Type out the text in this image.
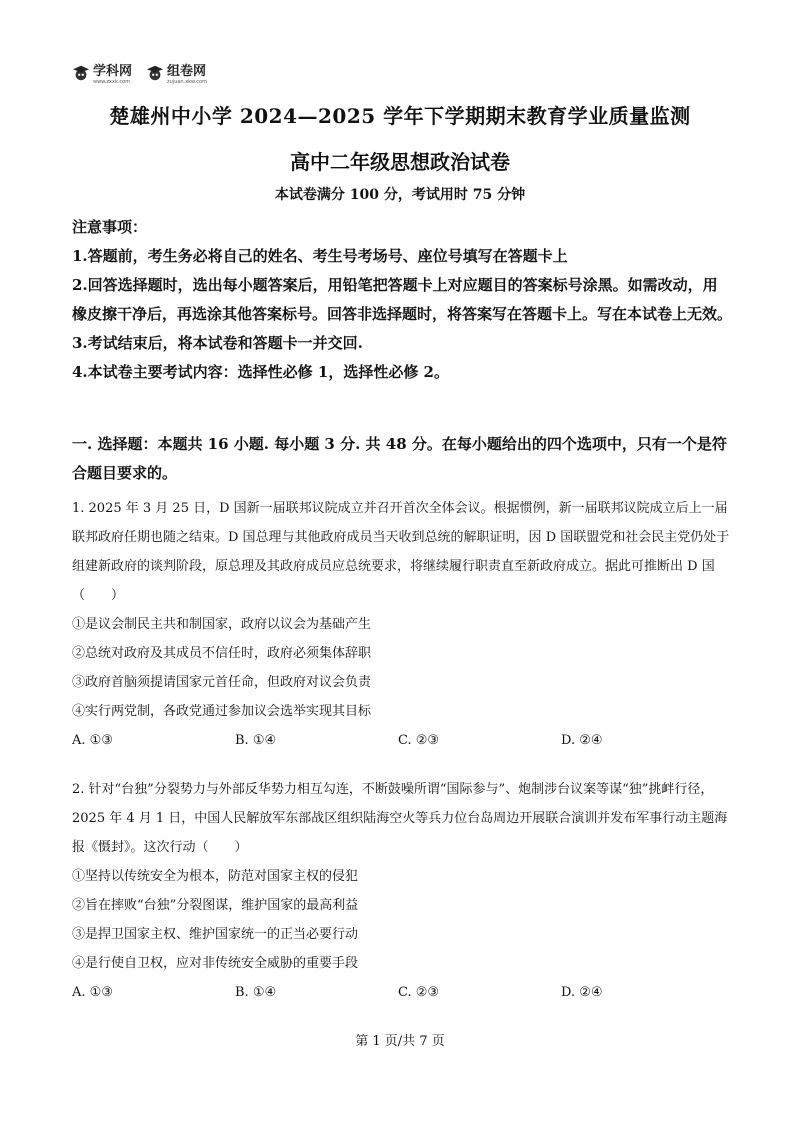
学科网
www.zxxk.com
组卷网
zujuan.xkw.com
楚雄州中小学 2024—2025 学年下学期期末教育学业质量监测
高中二年级思想政治试卷
本试卷满分 100 分，考试用时 75 分钟

注意事项：

1.答题前，考生务必将自己的姓名、考生号考场号、座位号填写在答题卡上

2.回答选择题时，选出每小题答案后，用铅笔把答题卡上对应题目的答案标号涂黑。如需改动，用橡皮擦干净后，再选涂其他答案标号。回答非选择题时，将答案写在答题卡上。写在本试卷上无效。

3.考试结束后，将本试卷和答题卡一并交回.

4.本试卷主要考试内容：选择性必修 1，选择性必修 2。

一. 选择题：本题共 16 小题. 每小题 3 分. 共 48 分。在每小题给出的四个选项中，只有一个是符合题目要求的。

1. 2025 年 3 月 25 日，D 国新一届联邦议院成立并召开首次全体会议。根据惯例，新一届联邦议院成立后上一届联邦政府任期也随之结束。D 国总理与其他政府成员当天收到总统的解职证明，因 D 国联盟党和社会民主党仍处于组建新政府的谈判阶段，原总理及其政府成员应总统要求，将继续履行职责直至新政府成立。据此可推断出 D 国（　　）

①是议会制民主共和制国家，政府以议会为基础产生

②总统对政府及其成员不信任时，政府必须集体辞职

③政府首脑须提请国家元首任命，但政府对议会负责

④实行两党制，各政党通过参加议会选举实现其目标

A. ①③	B. ①④	C. ②③	D. ②④

2. 针对“台独”分裂势力与外部反华势力相互勾连，不断鼓噪所谓“国际参与”、炮制涉台议案等谋“独”挑衅行径，2025 年 4 月 1 日，中国人民解放军东部战区组织陆海空火等兵力位台岛周边开展联合演训并发布军事行动主题海报《慑封》。这次行动（　　）

①坚持以传统安全为根本，防范对国家主权的侵犯

②旨在摔败“台独”分裂图谋，维护国家的最高利益

③是捍卫国家主权、维护国家统一的正当必要行动

④是行使自卫权，应对非传统安全威胁的重要手段

A. ①③	B. ①④	C. ②③	D. ②④
第 1 页/共 7 页
